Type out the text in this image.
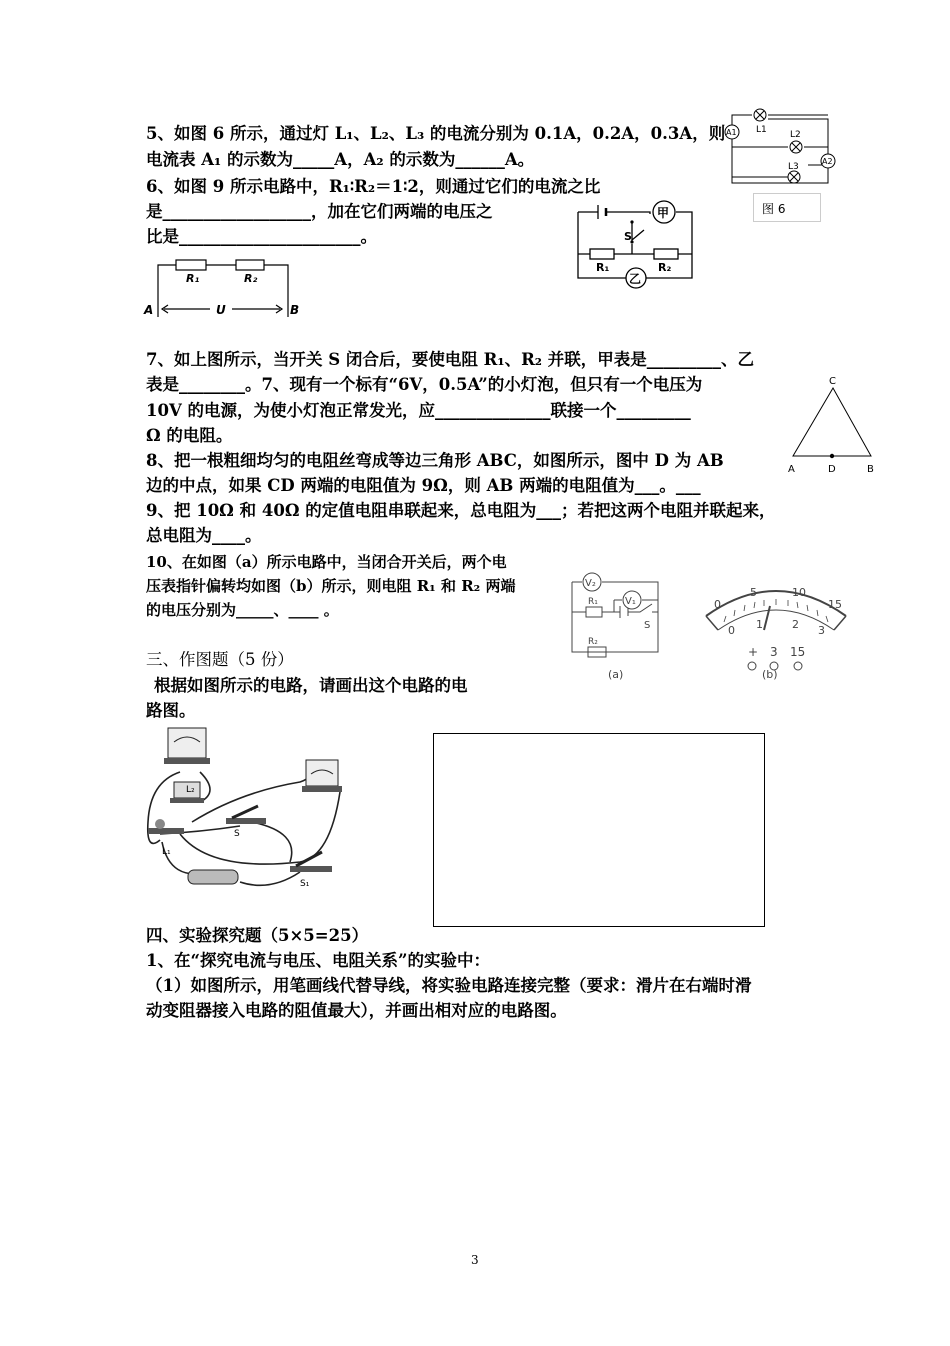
5、如图 6 所示，通过灯 L₁、L₂、L₃ 的电流分别为 0.1A，0.2A，0.3A，则
电流表 A₁ 的示数为_____A，A₂ 的示数为______A。
A1
A2
L1	L2
L3
图 6
6、如图 9 所示电路中，R₁∶R₂＝1∶2，则通过它们的电流之比
是__________________，加在它们两端的电压之
比是______________________。
甲
乙
S
R₁	R₂
R₁	R₂
A	B
U
7、如上图所示，当开关 S 闭合后，要使电阻 R₁、R₂ 并联，甲表是_________、乙
表是________。7、现有一个标有“6V，0.5A”的小灯泡，但只有一个电压为
10V 的电源，为使小灯泡正常发光，应______________联接一个_________
Ω 的电阻。
C
A	D	B
8、把一根粗细均匀的电阻丝弯成等边三角形 ABC，如图所示，图中 D 为 AB
边的中点，如果 CD 两端的电阻值为 9Ω，则 AB 两端的电阻值为___。___
9、把 10Ω 和 40Ω 的定值电阻串联起来，总电阻为___；若把这两个电阻并联起来，
总电阻为____。
10、在如图（a）所示电路中，当闭合开关后，两个电
压表指针偏转均如图（b）所示，则电阻 R₁ 和 R₂ 两端
的电压分别为_____、____ 。
V₂
V₁
R₁
R₂
S
(a)
0
5	10
15
0 1	2 3
+ 3 15
(b)
三、作图题（5 份）
根据如图所示的电路，请画出这个电路的电
路图。
L₂
L₁
S
S₁
四、实验探究题（5×5=25）
1、在“探究电流与电压、电阻关系”的实验中：
（1）如图所示，用笔画线代替导线，将实验电路连接完整（要求：滑片在右端时滑
动变阻器接入电路的阻值最大），并画出相对应的电路图。
3
